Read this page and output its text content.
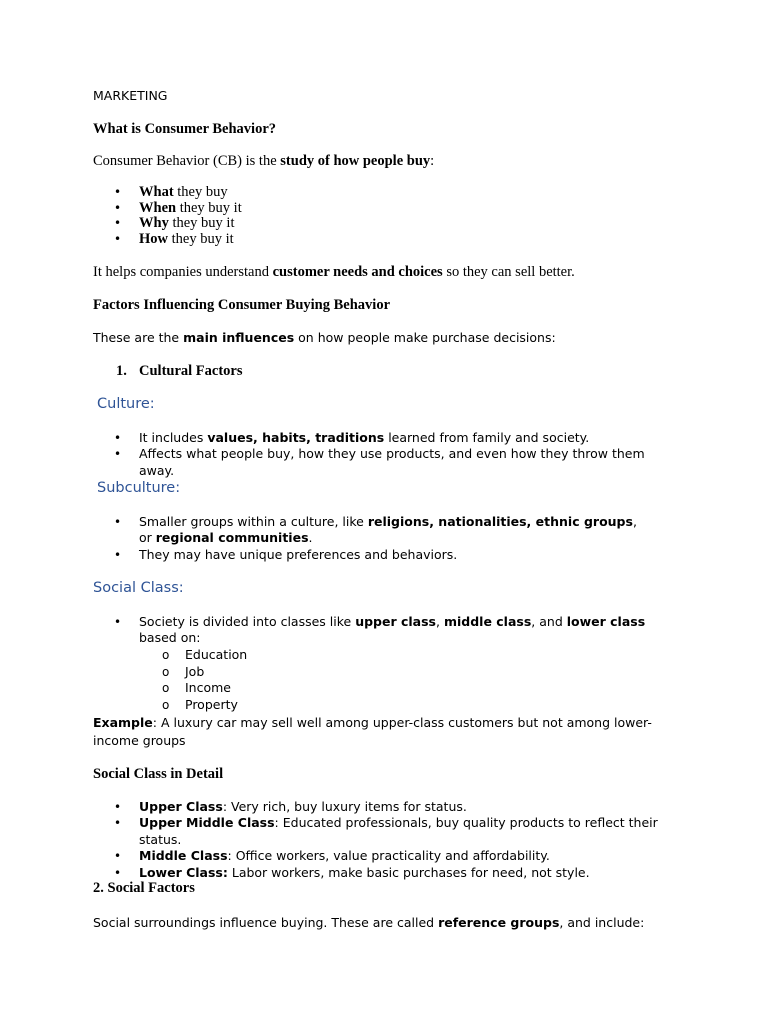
MARKETING
What is Consumer Behavior?
Consumer Behavior (CB) is the study of how people buy:
• What they buy
• When they buy it
• Why they buy it
• How they buy it
It helps companies understand customer needs and choices so they can sell better.
Factors Influencing Consumer Buying Behavior
These are the main influences on how people make purchase decisions:
1. Cultural Factors
Culture:
• It includes values, habits, traditions learned from family and society.
• Affects what people buy, how they use products, and even how they throw them away.
Subculture:
• Smaller groups within a culture, like religions, nationalities, ethnic groups, or regional communities.
• They may have unique preferences and behaviors.
Social Class:
• Society is divided into classes like upper class, middle class, and lower class based on:
o Education
o Job
o Income
o Property
Example: A luxury car may sell well among upper-class customers but not among lower-income groups
Social Class in Detail
• Upper Class: Very rich, buy luxury items for status.
• Upper Middle Class: Educated professionals, buy quality products to reflect their status.
• Middle Class: Office workers, value practicality and affordability.
• Lower Class: Labor workers, make basic purchases for need, not style.
2. Social Factors
Social surroundings influence buying. These are called reference groups, and include:
